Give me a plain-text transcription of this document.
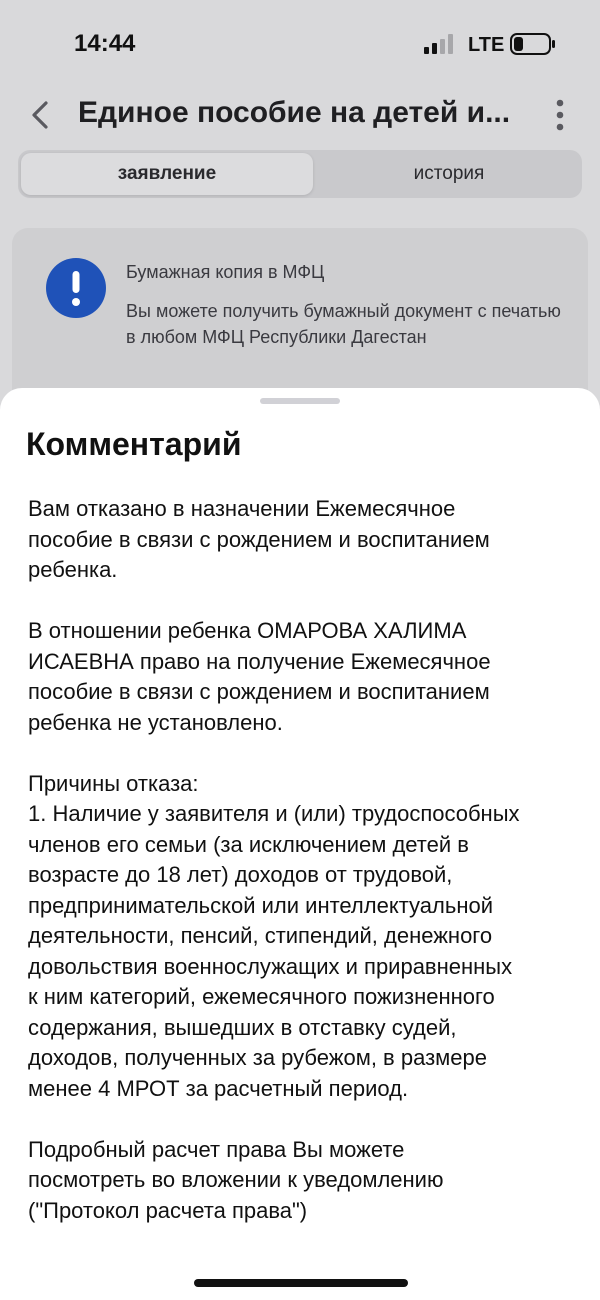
14:44	LTE
Единое пособие на детей и...
заявление	история
Бумажная копия в МФЦ
Вы можете получить бумажный документ с печатью в любом МФЦ Республики Дагестан
Комментарий

Вам отказано в назначении Ежемесячное
пособие в связи с рождением и воспитанием
ребенка.

В отношении ребенка ОМАРОВА ХАЛИМА
ИСАЕВНА право на получение Ежемесячное
пособие в связи с рождением и воспитанием
ребенка не установлено.

Причины отказа:
1. Наличие у заявителя и (или) трудоспособных
членов его семьи (за исключением детей в
возрасте до 18 лет) доходов от трудовой,
предпринимательской или интеллектуальной
деятельности, пенсий, стипендий, денежного
довольствия военнослужащих и приравненных
к ним категорий, ежемесячного пожизненного
содержания, вышедших в отставку судей,
доходов, полученных за рубежом, в размере
менее 4 МРОТ за расчетный период.

Подробный расчет права Вы можете
посмотреть во вложении к уведомлению
("Протокол расчета права")
